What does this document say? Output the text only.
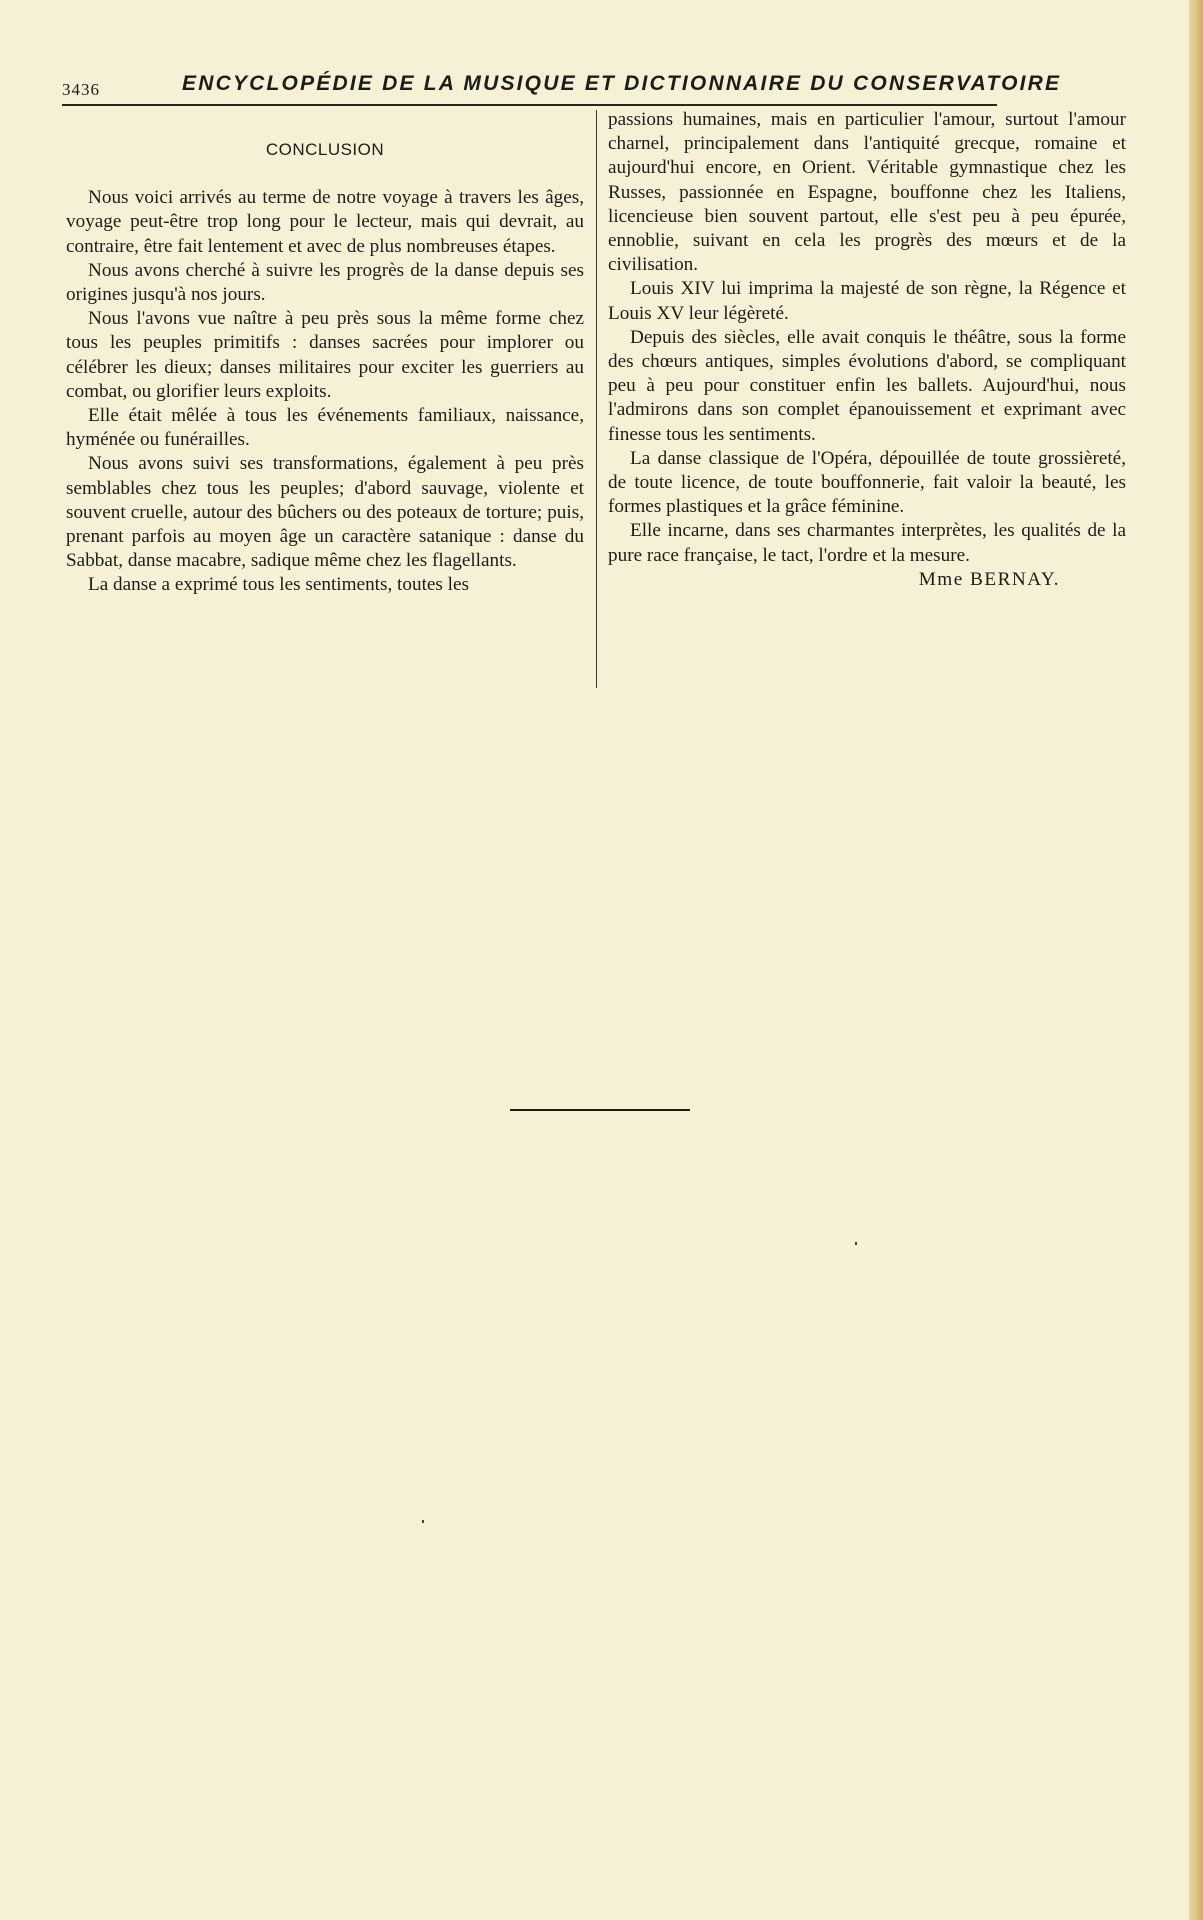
3436	ENCYCLOPÉDIE DE LA MUSIQUE ET DICTIONNAIRE DU CONSERVATOIRE
CONCLUSION

Nous voici arrivés au terme de notre voyage à travers les âges, voyage peut-être trop long pour le lecteur, mais qui devrait, au contraire, être fait lentement et avec de plus nombreuses étapes.

Nous avons cherché à suivre les progrès de la danse depuis ses origines jusqu'à nos jours.

Nous l'avons vue naître à peu près sous la même forme chez tous les peuples primitifs : danses sacrées pour implorer ou célébrer les dieux; danses militaires pour exciter les guerriers au combat, ou glorifier leurs exploits.

Elle était mêlée à tous les événements familiaux, naissance, hyménée ou funérailles.

Nous avons suivi ses transformations, également à peu près semblables chez tous les peuples; d'abord sauvage, violente et souvent cruelle, autour des bûchers ou des poteaux de torture; puis, prenant parfois au moyen âge un caractère satanique : danse du Sabbat, danse macabre, sadique même chez les flagellants.

La danse a exprimé tous les sentiments, toutes les

passions humaines, mais en particulier l'amour, surtout l'amour charnel, principalement dans l'antiquité grecque, romaine et aujourd'hui encore, en Orient. Véritable gymnastique chez les Russes, passionnée en Espagne, bouffonne chez les Italiens, licencieuse bien souvent partout, elle s'est peu à peu épurée, ennoblie, suivant en cela les progrès des mœurs et de la civilisation.

Louis XIV lui imprima la majesté de son règne, la Régence et Louis XV leur légèreté.

Depuis des siècles, elle avait conquis le théâtre, sous la forme des chœurs antiques, simples évolutions d'abord, se compliquant peu à peu pour constituer enfin les ballets. Aujourd'hui, nous l'admirons dans son complet épanouissement et exprimant avec finesse tous les sentiments.

La danse classique de l'Opéra, dépouillée de toute grossièreté, de toute licence, de toute bouffonnerie, fait valoir la beauté, les formes plastiques et la grâce féminine.

Elle incarne, dans ses charmantes interprètes, les qualités de la pure race française, le tact, l'ordre et la mesure.

Mme BERNAY.
